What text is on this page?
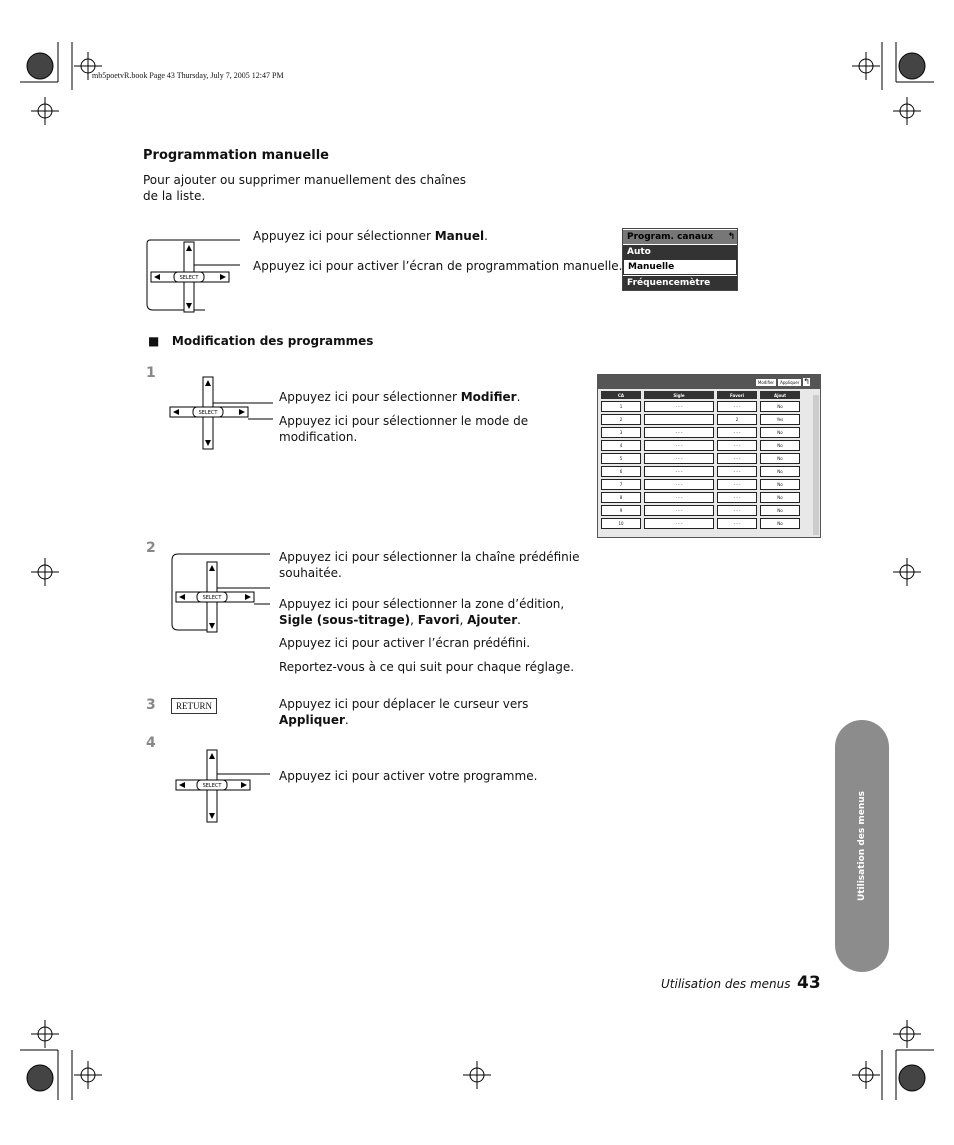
mb5poetvR.book Page 43 Thursday, July 7, 2005 12:47 PM
Programmation manuelle
Pour ajouter ou supprimer manuellement des chaînes
de la liste.
SELECT
Appuyez ici pour sélectionner Manuel.
Appuyez ici pour activer l’écran de programmation manuelle.
Program. canaux ↰
Auto
Manuelle
Fréquencemètre
■ Modification des programmes
1
SELECT
Appuyez ici pour sélectionner Modifier.
Appuyez ici pour sélectionner le mode de
modification.
Modifier	Appliquer ↰
CA	Sigle	Favori	Ajout
1	- - -	- - -	No
2		2	Yes
3	- - -	- - -	No
4	- - -	- - -	No
5	- - -	- - -	No
6	- - -	- - -	No
7	- - -	- - -	No
8	- - -	- - -	No
9	- - -	- - -	No
10	- - -	- - -	No
2
SELECT
Appuyez ici pour sélectionner la chaîne prédéfinie
souhaitée.
Appuyez ici pour sélectionner la zone d’édition,
Sigle (sous-titrage), Favori, Ajouter.
Appuyez ici pour activer l’écran prédéfini.
Reportez-vous à ce qui suit pour chaque réglage.
3	RETURN	Appuyez ici pour déplacer le curseur vers
Appliquer.
4
SELECT
Appuyez ici pour activer votre programme.
Utilisation des menus
Utilisation des menus 43
